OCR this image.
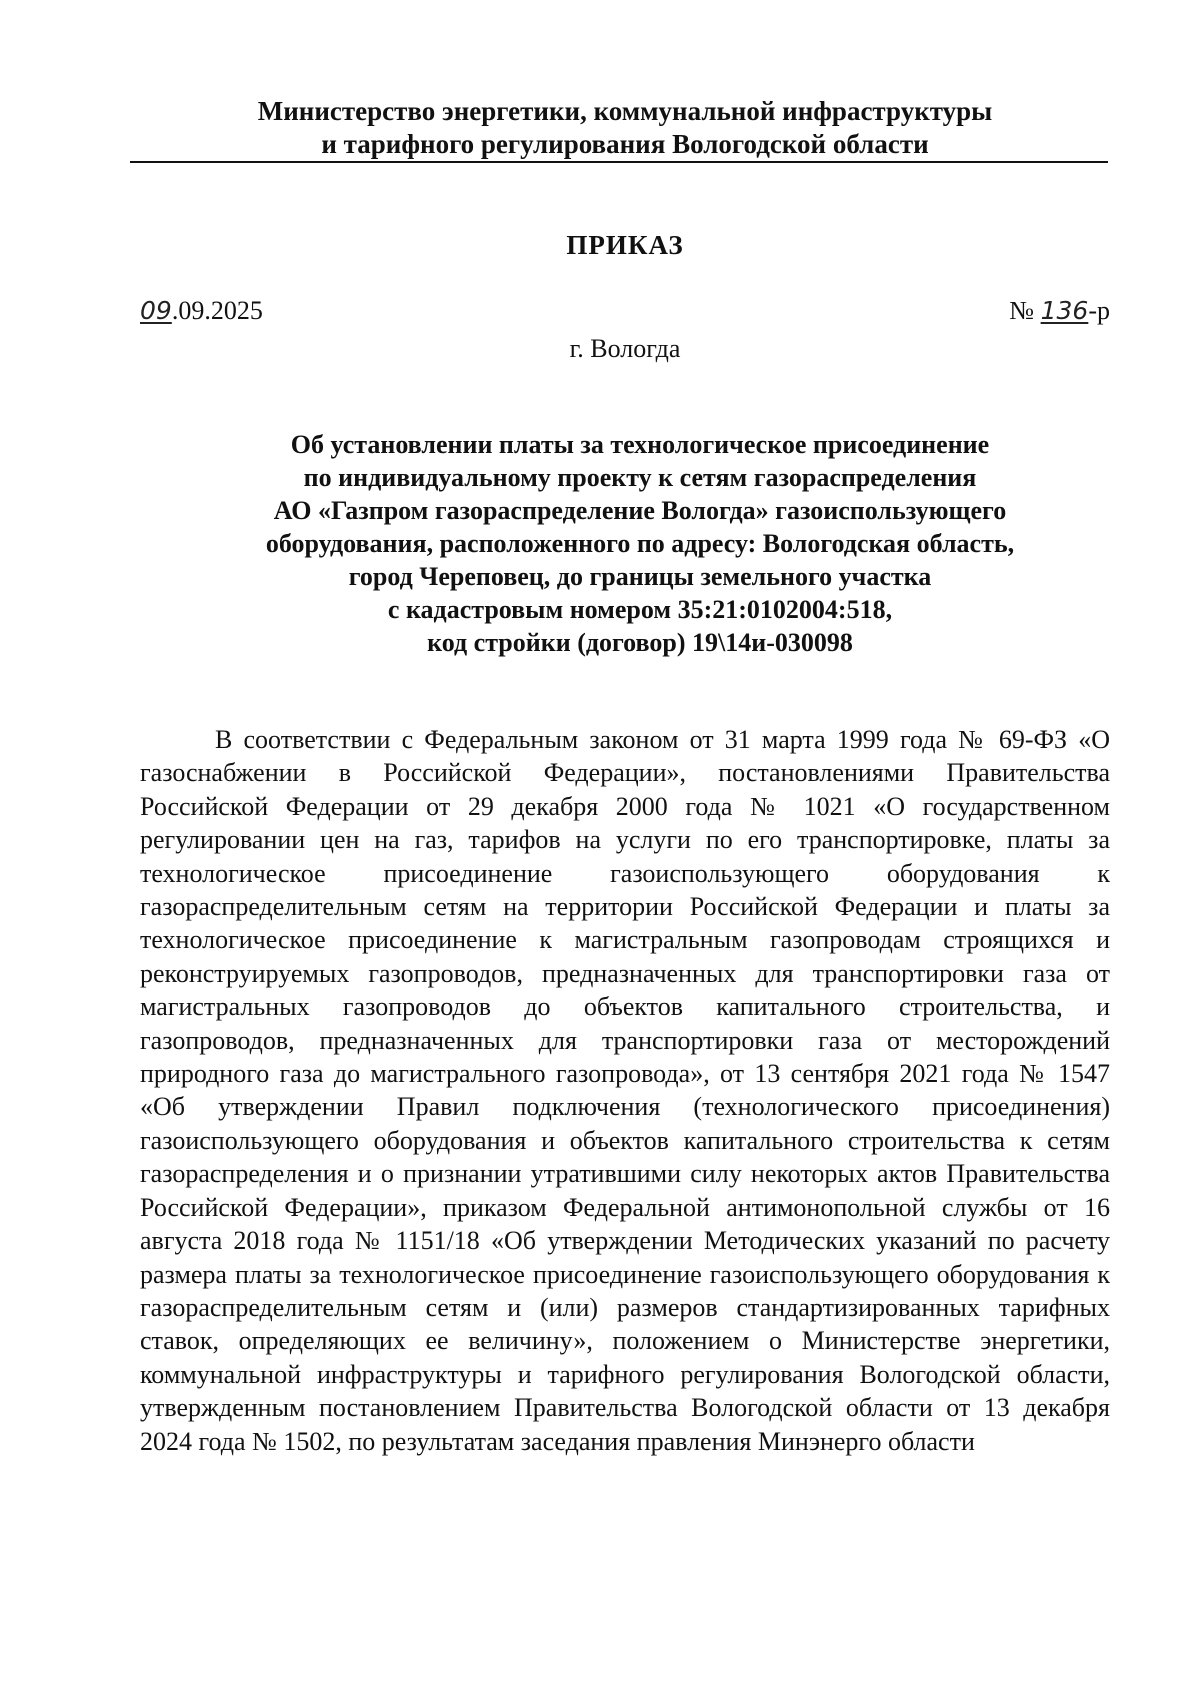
Министерство энергетики, коммунальной инфраструктуры
и тарифного регулирования Вологодской области
ПРИКАЗ
09.09.2025	№ 136-р
г. Вологда
Об установлении платы за технологическое присоединение
по индивидуальному проекту к сетям газораспределения
АО «Газпром газораспределение Вологда» газоиспользующего
оборудования, расположенного по адресу: Вологодская область,
город Череповец, до границы земельного участка
с кадастровым номером 35:21:0102004:518,
код стройки (договор) 19\14и-030098

В соответствии с Федеральным законом от 31 марта 1999 года № 69-ФЗ «О газоснабжении в Российской Федерации», постановлениями Правительства Российской Федерации от 29 декабря 2000 года № 1021 «О государственном регулировании цен на газ, тарифов на услуги по его транспортировке, платы за технологическое присоединение газоиспользующего оборудования к газораспределительным сетям на территории Российской Федерации и платы за технологическое присоединение к магистральным газопроводам строящихся и реконструируемых газопроводов, предназначенных для транспортировки газа от магистральных газопроводов до объектов капитального строительства, и газопроводов, предназначенных для транспортировки газа от месторождений природного газа до магистрального газопровода», от 13 сентября 2021 года № 1547 «Об утверждении Правил подключения (технологического присоединения) газоиспользующего оборудования и объектов капитального строительства к сетям газораспределения и о признании утратившими силу некоторых актов Правительства Российской Федерации», приказом Федеральной антимонопольной службы от 16 августа 2018 года № 1151/18 «Об утверждении Методических указаний по расчету размера платы за технологическое присоединение газоиспользующего оборудования к газораспределительным сетям и (или) размеров стандартизированных тарифных ставок, определяющих ее величину», положением о Министерстве энергетики, коммунальной инфраструктуры и тарифного регулирования Вологодской области, утвержденным постановлением Правительства Вологодской области от 13 декабря 2024 года № 1502, по результатам заседания правления Минэнерго области
